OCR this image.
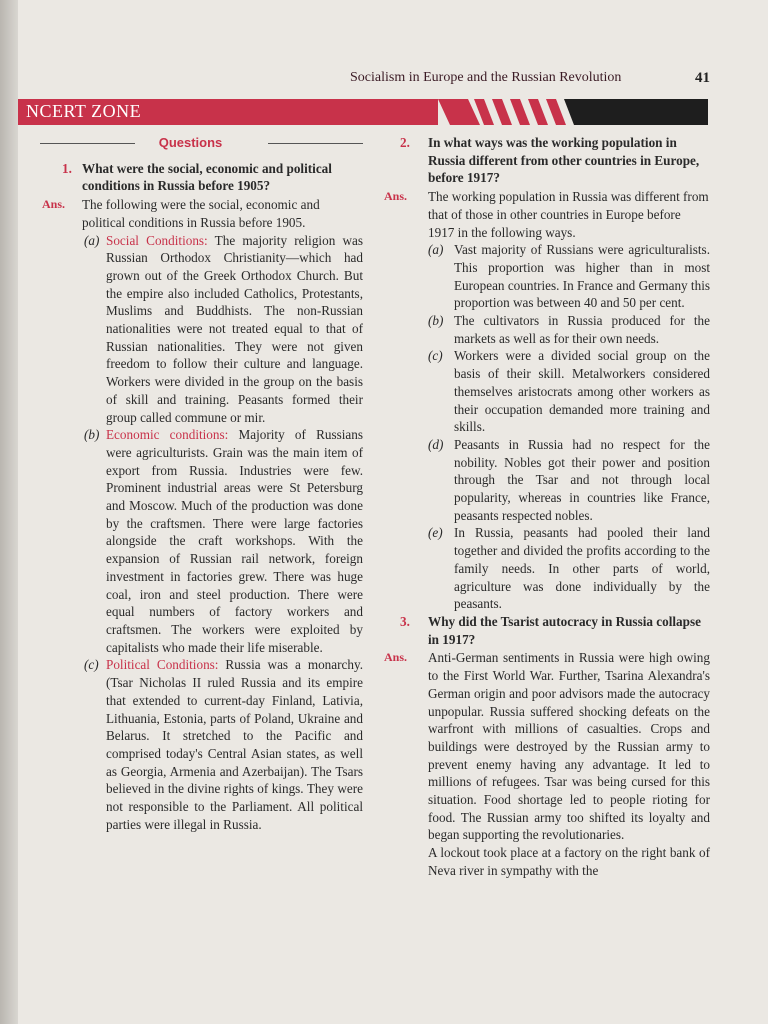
Socialism in Europe and the Russian Revolution	41
NCERT ZONE
Questions
1. What were the social, economic and political conditions in Russia before 1905?
Ans. The following were the social, economic and political conditions in Russia before 1905.
(a) Social Conditions: The majority religion was Russian Orthodox Christianity—which had grown out of the Greek Orthodox Church. But the empire also included Catholics, Protestants, Muslims and Buddhists. The non-Russian nationalities were not treated equal to that of Russian nationalities. They were not given freedom to follow their culture and language. Workers were divided in the group on the basis of skill and training. Peasants formed their group called commune or mir.
(b) Economic conditions: Majority of Russians were agriculturists. Grain was the main item of export from Russia. Industries were few. Prominent industrial areas were St Petersburg and Moscow. Much of the production was done by the craftsmen. There were large factories alongside the craft workshops. With the expansion of Russian rail network, foreign investment in factories grew. There was huge coal, iron and steel production. There were equal numbers of factory workers and craftsmen. The workers were exploited by capitalists who made their life miserable.
(c) Political Conditions: Russia was a monarchy. (Tsar Nicholas II ruled Russia and its empire that extended to current-day Finland, Lativia, Lithuania, Estonia, parts of Poland, Ukraine and Belarus. It stretched to the Pacific and comprised today's Central Asian states, as well as Georgia, Armenia and Azerbaijan). The Tsars believed in the divine rights of kings. They were not responsible to the Parliament. All political parties were illegal in Russia.
2. In what ways was the working population in Russia different from other countries in Europe, before 1917?
Ans. The working population in Russia was different from that of those in other countries in Europe before 1917 in the following ways.
(a) Vast majority of Russians were agriculturalists. This proportion was higher than in most European countries. In France and Germany this proportion was between 40 and 50 per cent.
(b) The cultivators in Russia produced for the markets as well as for their own needs.
(c) Workers were a divided social group on the basis of their skill. Metalworkers considered themselves aristocrats among other workers as their occupation demanded more training and skills.
(d) Peasants in Russia had no respect for the nobility. Nobles got their power and position through the Tsar and not through local popularity, whereas in countries like France, peasants respected nobles.
(e) In Russia, peasants had pooled their land together and divided the profits according to the family needs. In other parts of world, agriculture was done individually by the peasants.
3. Why did the Tsarist autocracy in Russia collapse in 1917?
Ans. Anti-German sentiments in Russia were high owing to the First World War. Further, Tsarina Alexandra's German origin and poor advisors made the autocracy unpopular. Russia suffered shocking defeats on the warfront with millions of casualties. Crops and buildings were destroyed by the Russian army to prevent enemy having any advantage. It led to millions of refugees. Tsar was being cursed for this situation. Food shortage led to people rioting for food. The Russian army too shifted its loyalty and began supporting the revolutionaries.
A lockout took place at a factory on the right bank of Neva river in sympathy with the
